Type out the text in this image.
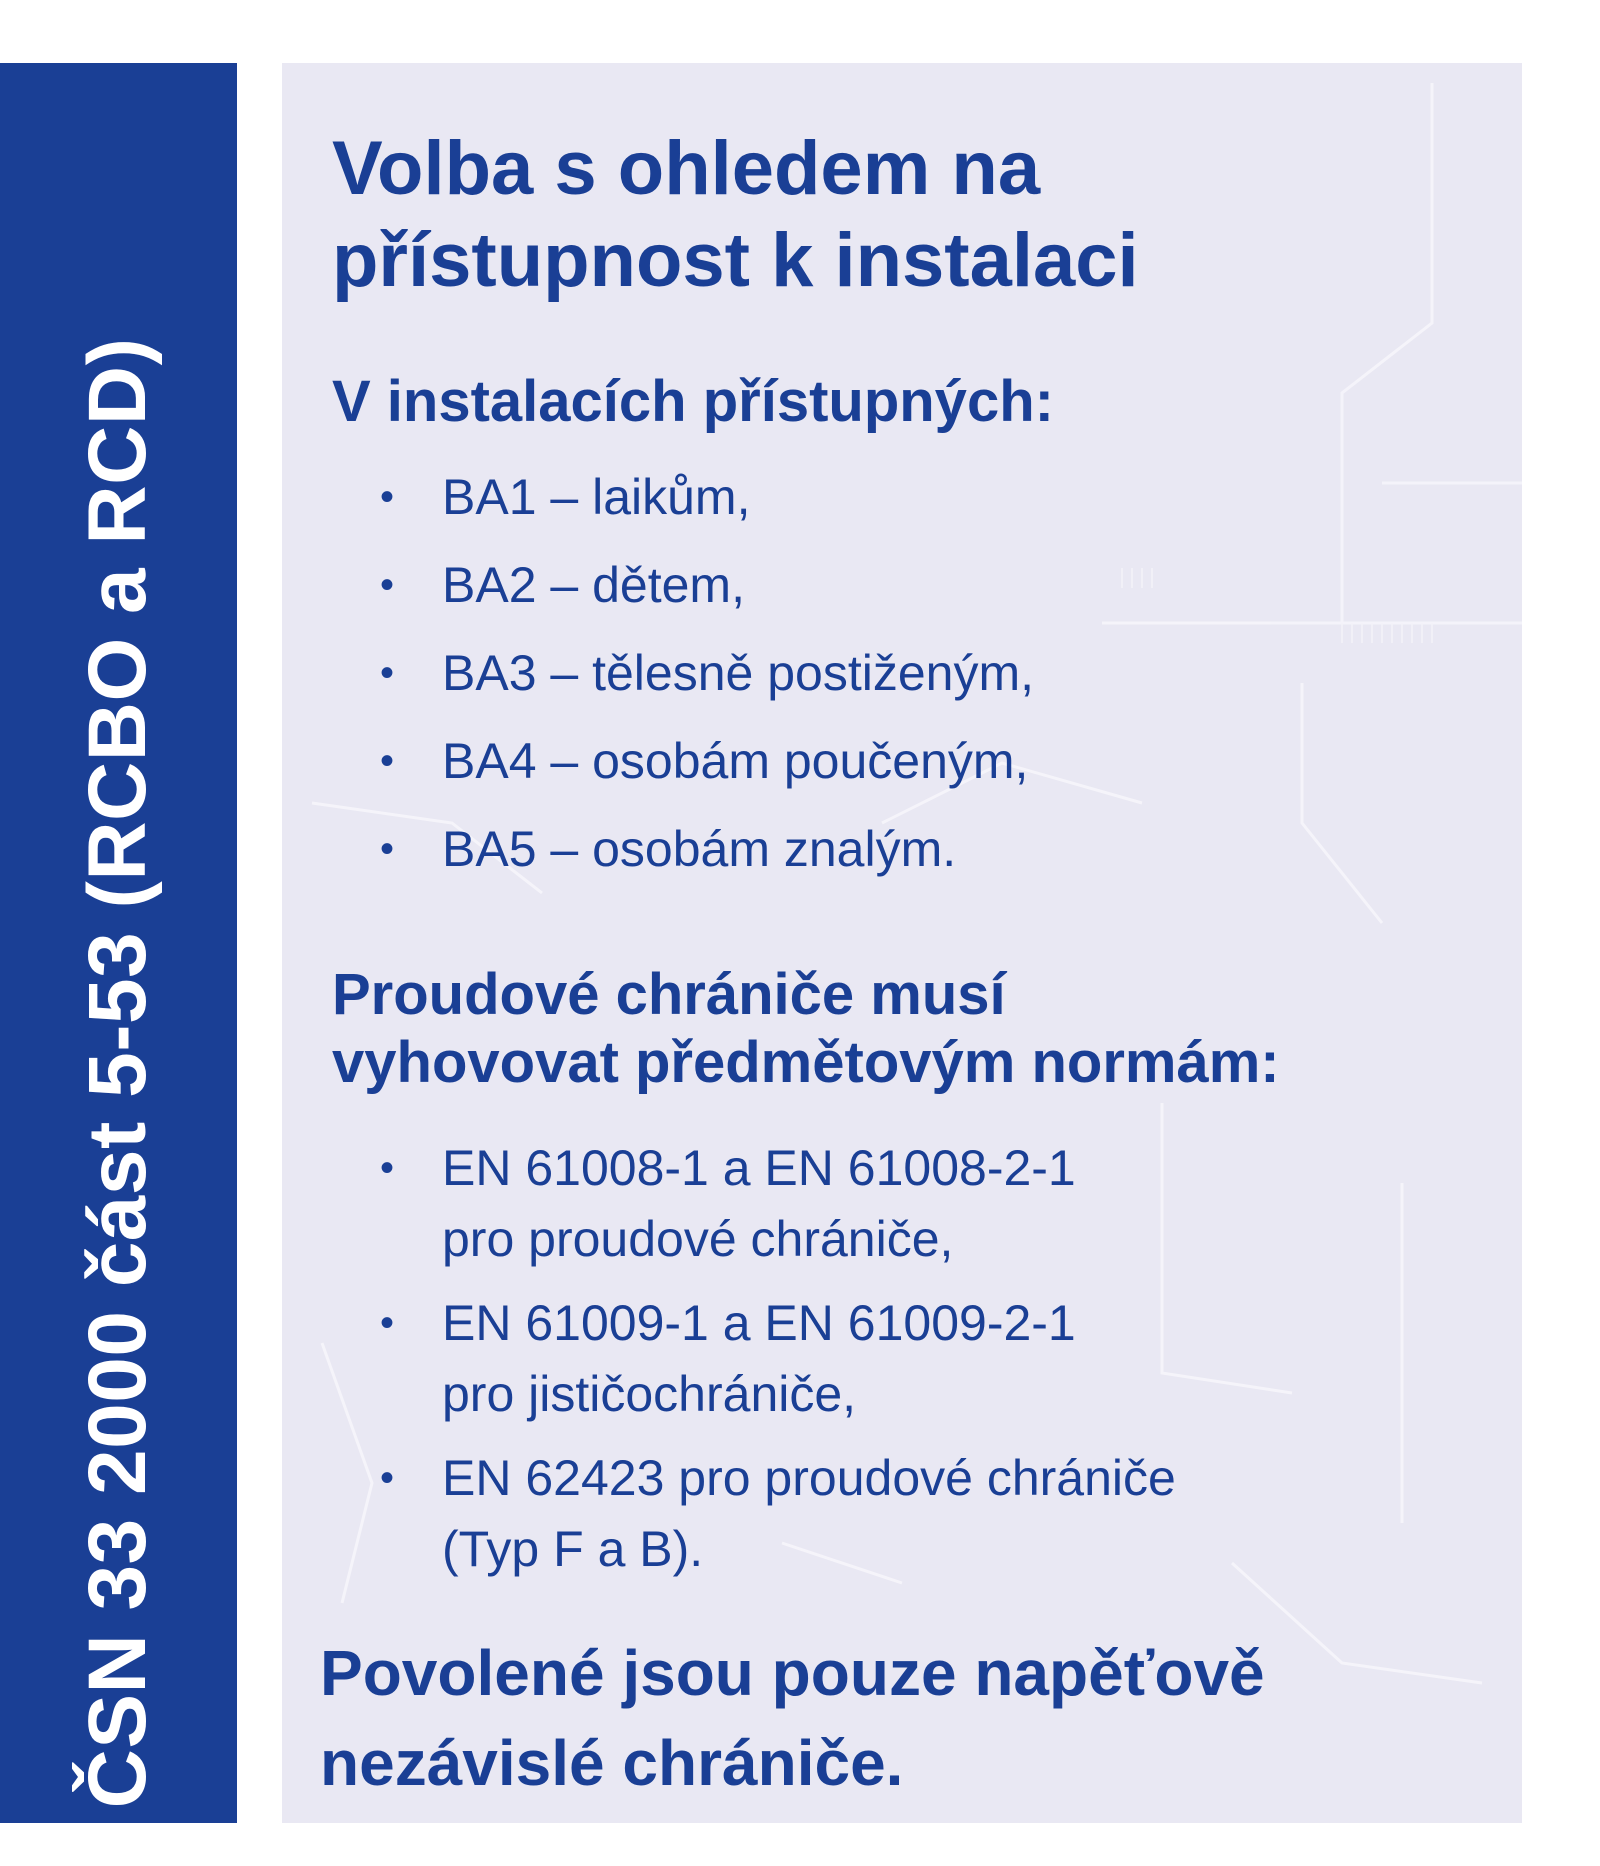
ČSN 33 2000 část 5-53 (RCBO a RCD)
Volba s ohledem na
přístupnost k instalaci
V instalacích přístupných:
• BA1 – laikům,
• BA2 – dětem,
• BA3 – tělesně postiženým,
• BA4 – osobám poučeným,
• BA5 – osobám znalým.
Proudové chrániče musí
vyhovovat předmětovým normám:
• EN 61008-1 a EN 61008-2-1
pro proudové chrániče,
• EN 61009-1 a EN 61009-2-1
pro jističochrániče,
• EN 62423 pro proudové chrániče
(Typ F a B).

Povolené jsou pouze napěťově
nezávislé chrániče.
